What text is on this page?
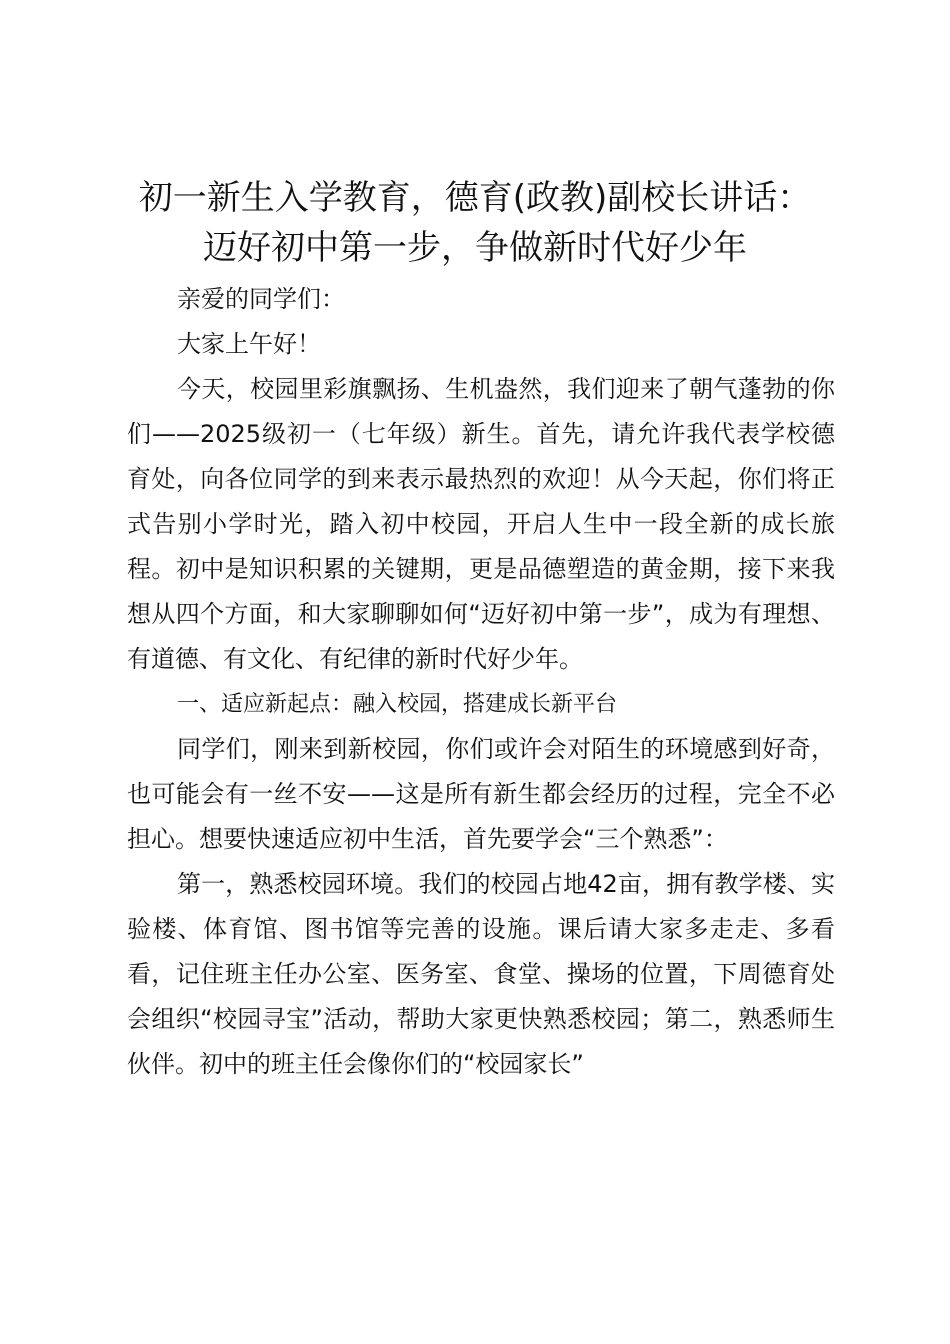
初一新生入学教育，德育(政教)副校长讲话：
迈好初中第一步，争做新时代好少年

亲爱的同学们：

大家上午好！

今天，校园里彩旗飘扬、生机盎然，我们迎来了朝气蓬勃的你们——2025级初一（七年级）新生。首先，请允许我代表学校德育处，向各位同学的到来表示最热烈的欢迎！从今天起，你们将正式告别小学时光，踏入初中校园，开启人生中一段全新的成长旅程。初中是知识积累的关键期，更是品德塑造的黄金期，接下来我想从四个方面，和大家聊聊如何“迈好初中第一步”，成为有理想、有道德、有文化、有纪律的新时代好少年。

一、适应新起点：融入校园，搭建成长新平台

同学们，刚来到新校园，你们或许会对陌生的环境感到好奇，也可能会有一丝不安——这是所有新生都会经历的过程，完全不必担心。想要快速适应初中生活，首先要学会“三个熟悉”：

第一，熟悉校园环境。我们的校园占地42亩，拥有教学楼、实验楼、体育馆、图书馆等完善的设施。课后请大家多走走、多看看，记住班主任办公室、医务室、食堂、操场的位置，下周德育处会组织“校园寻宝”活动，帮助大家更快熟悉校园；第二，熟悉师生伙伴。初中的班主任会像你们的“校园家长”
